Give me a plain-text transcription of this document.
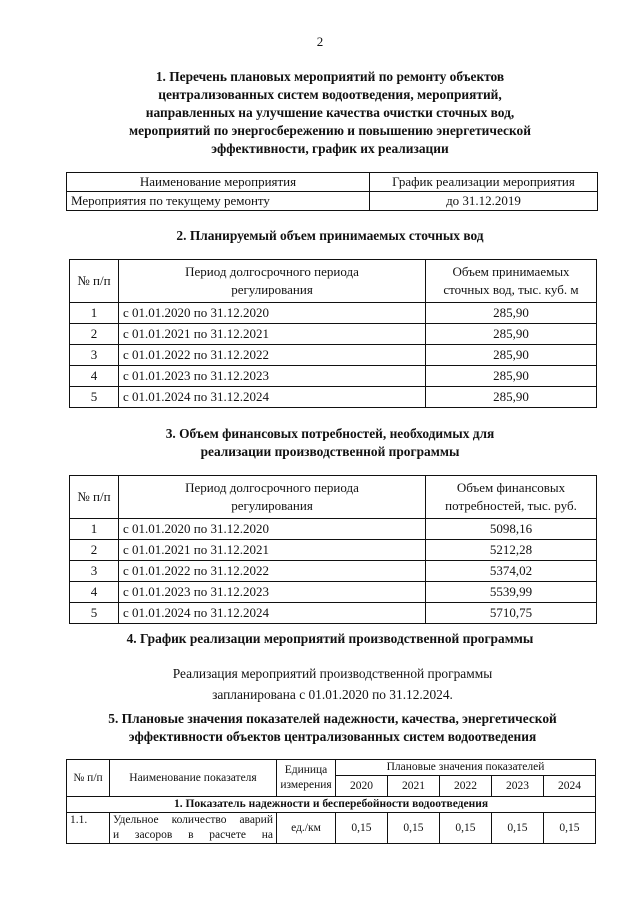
2
1. Перечень плановых мероприятий по ремонту объектов
централизованных систем водоотведения, мероприятий,
направленных на улучшение качества очистки сточных вод,
мероприятий по энергосбережению и повышению энергетической
эффективности, график их реализации
Наименование мероприятия	График реализации мероприятия
Мероприятия по текущему ремонту	до 31.12.2019
2. Планируемый объем принимаемых сточных вод
№ п/п	Период долгосрочного периода регулирования	Объем принимаемых сточных вод, тыс. куб. м
1	с 01.01.2020 по 31.12.2020	285,90
2	с 01.01.2021 по 31.12.2021	285,90
3	с 01.01.2022 по 31.12.2022	285,90
4	с 01.01.2023 по 31.12.2023	285,90
5	с 01.01.2024 по 31.12.2024	285,90
3. Объем финансовых потребностей, необходимых для
реализации производственной программы
№ п/п	Период долгосрочного периода регулирования	Объем финансовых потребностей, тыс. руб.
1	с 01.01.2020 по 31.12.2020	5098,16
2	с 01.01.2021 по 31.12.2021	5212,28
3	с 01.01.2022 по 31.12.2022	5374,02
4	с 01.01.2023 по 31.12.2023	5539,99
5	с 01.01.2024 по 31.12.2024	5710,75
4. График реализации мероприятий производственной программы
Реализация мероприятий производственной программы
запланирована с 01.01.2020 по 31.12.2024.
5. Плановые значения показателей надежности, качества, энергетической
эффективности объектов централизованных систем водоотведения
№ п/п	Наименование показателя	Единица измерения	Плановые значения показателей				
			2020	2021	2022	2023	2024
1. Показатель надежности и бесперебойности водоотведения							
1.1.	Удельное количество аварий
и засоров в расчете на	ед./км	0,15	0,15	0,15	0,15	0,15
